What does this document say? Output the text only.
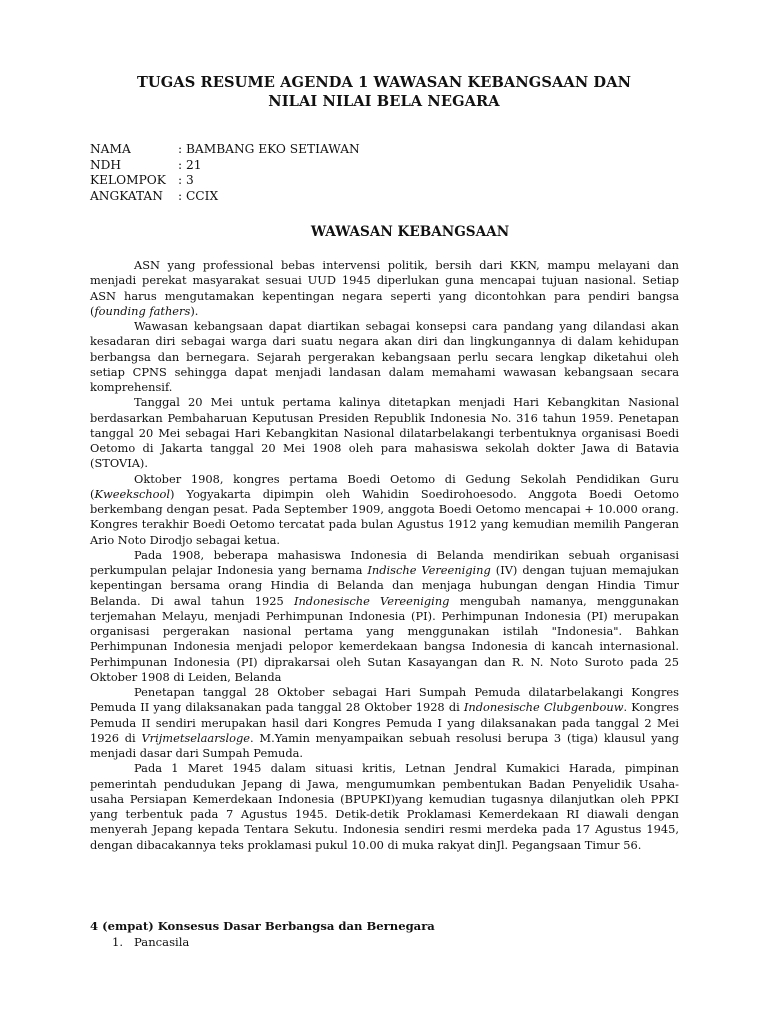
TUGAS RESUME AGENDA 1 WAWASAN KEBANGSAAN DAN
NILAI NILAI BELA NEGARA
NAMA	: BAMBANG EKO SETIAWAN
NDH	: 21
KELOMPOK : 3
ANGKATAN	: CCIX
WAWASAN KEBANGSAAN

ASN yang professional bebas intervensi politik, bersih dari KKN, mampu melayani dan menjadi perekat masyarakat sesuai UUD 1945 diperlukan guna mencapai tujuan nasional. Setiap ASN harus mengutamakan kepentingan negara seperti yang dicontohkan para pendiri bangsa (founding fathers).

Wawasan kebangsaan dapat diartikan sebagai konsepsi cara pandang yang dilandasi akan kesadaran diri sebagai warga dari suatu negara akan diri dan lingkungannya di dalam kehidupan berbangsa dan bernegara. Sejarah pergerakan kebangsaan perlu secara lengkap diketahui oleh setiap CPNS sehingga dapat menjadi landasan dalam memahami wawasan kebangsaan secara komprehensif.

Tanggal 20 Mei untuk pertama kalinya ditetapkan menjadi Hari Kebangkitan Nasional berdasarkan Pembaharuan Keputusan Presiden Republik Indonesia No. 316 tahun 1959. Penetapan tanggal 20 Mei sebagai Hari Kebangkitan Nasional dilatarbelakangi terbentuknya organisasi Boedi Oetomo di Jakarta tanggal 20 Mei 1908 oleh para mahasiswa sekolah dokter Jawa di Batavia (STOVIA).

Oktober 1908, kongres pertama Boedi Oetomo di Gedung Sekolah Pendidikan Guru (Kweekschool) Yogyakarta dipimpin oleh Wahidin Soedirohoesodo. Anggota Boedi Oetomo berkembang dengan pesat. Pada September 1909, anggota Boedi Oetomo mencapai + 10.000 orang. Kongres terakhir Boedi Oetomo tercatat pada bulan Agustus 1912 yang kemudian memilih Pangeran Ario Noto Dirodjo sebagai ketua.

Pada 1908, beberapa mahasiswa Indonesia di Belanda mendirikan sebuah organisasi perkumpulan pelajar Indonesia yang bernama Indische Vereeniging (IV) dengan tujuan memajukan kepentingan bersama orang Hindia di Belanda dan menjaga hubungan dengan Hindia Timur Belanda. Di awal tahun 1925 Indonesische Vereeniging mengubah namanya, menggunakan terjemahan Melayu, menjadi Perhimpunan Indonesia (PI). Perhimpunan Indonesia (PI) merupakan organisasi pergerakan nasional pertama yang menggunakan istilah "Indonesia". Bahkan Perhimpunan Indonesia menjadi pelopor kemerdekaan bangsa Indonesia di kancah internasional. Perhimpunan Indonesia (PI) diprakarsai oleh Sutan Kasayangan dan R. N. Noto Suroto pada 25 Oktober 1908 di Leiden, Belanda

Penetapan tanggal 28 Oktober sebagai Hari Sumpah Pemuda dilatarbelakangi Kongres Pemuda II yang dilaksanakan pada tanggal 28 Oktober 1928 di Indonesische Clubgenbouw. Kongres Pemuda II sendiri merupakan hasil dari Kongres Pemuda I yang dilaksanakan pada tanggal 2 Mei 1926 di Vrijmetselaarsloge. M.Yamin menyampaikan sebuah resolusi berupa 3 (tiga) klausul yang menjadi dasar dari Sumpah Pemuda.

Pada 1 Maret 1945 dalam situasi kritis, Letnan Jendral Kumakici Harada, pimpinan pemerintah pendudukan Jepang di Jawa, mengumumkan pembentukan Badan Penyelidik Usaha-usaha Persiapan Kemerdekaan Indonesia (BPUPKI)yang kemudian tugasnya dilanjutkan oleh PPKI yang terbentuk pada 7 Agustus 1945. Detik-detik Proklamasi Kemerdekaan RI diawali dengan menyerah Jepang kepada Tentara Sekutu. Indonesia sendiri resmi merdeka pada 17 Agustus 1945, dengan dibacakannya teks proklamasi pukul 10.00 di muka rakyat dinJl. Pegangsaan Timur 56.

4 (empat) Konsesus Dasar Berbangsa dan Bernegara
1. Pancasila
